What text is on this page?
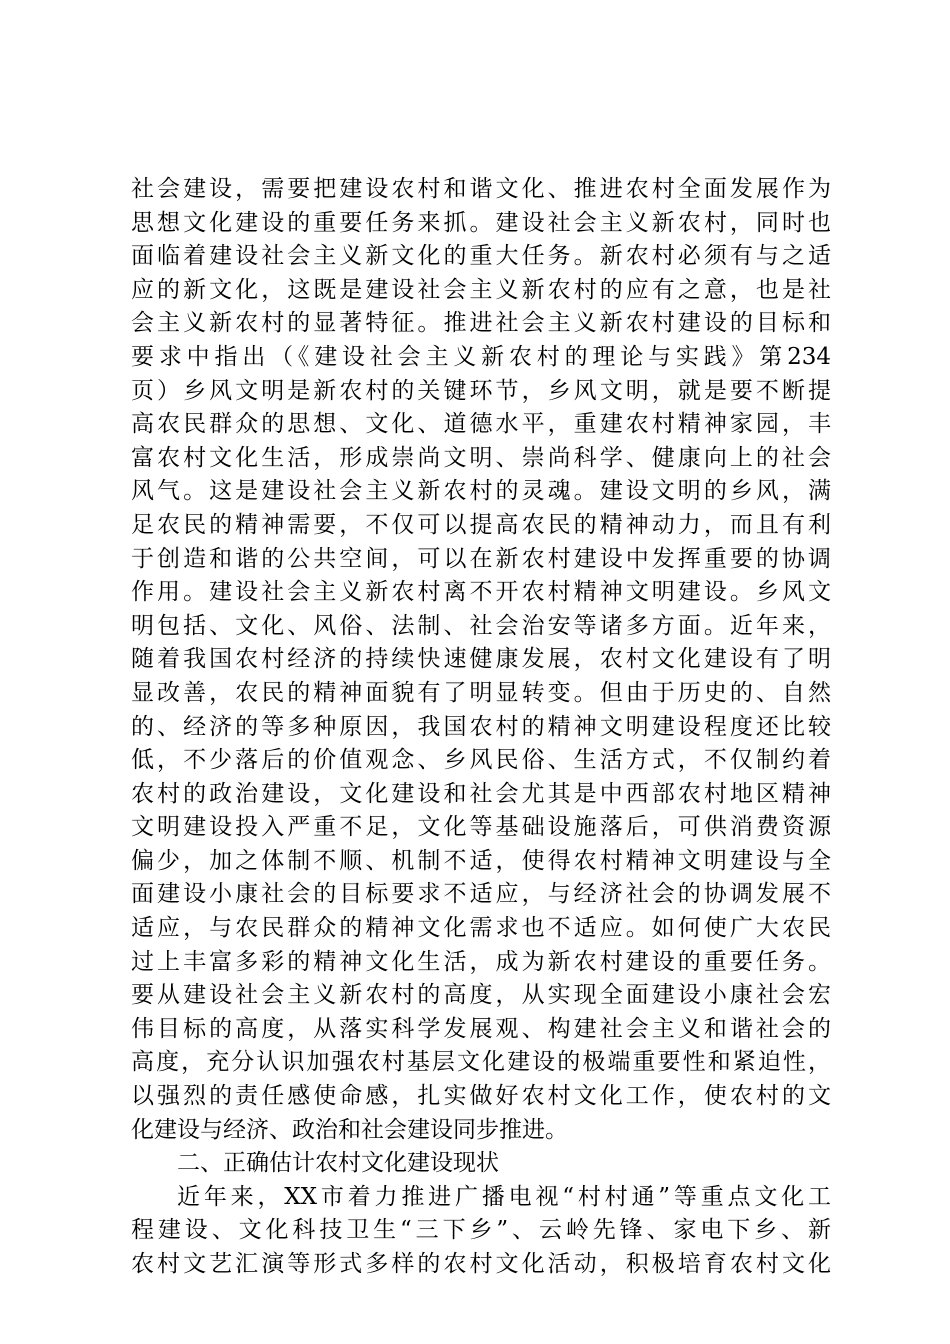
社会建设，需要把建设农村和谐文化、推进农村全面发展作为
思想文化建设的重要任务来抓。建设社会主义新农村，同时也
面临着建设社会主义新文化的重大任务。新农村必须有与之适
应的新文化，这既是建设社会主义新农村的应有之意，也是社
会主义新农村的显著特征。推进社会主义新农村建设的目标和
要求中指出（《建设社会主义新农村的理论与实践》第234
页）乡风文明是新农村的关键环节，乡风文明，就是要不断提
高农民群众的思想、文化、道德水平，重建农村精神家园，丰
富农村文化生活，形成崇尚文明、崇尚科学、健康向上的社会
风气。这是建设社会主义新农村的灵魂。建设文明的乡风，满
足农民的精神需要，不仅可以提高农民的精神动力，而且有利
于创造和谐的公共空间，可以在新农村建设中发挥重要的协调
作用。建设社会主义新农村离不开农村精神文明建设。乡风文
明包括、文化、风俗、法制、社会治安等诸多方面。近年来，
随着我国农村经济的持续快速健康发展，农村文化建设有了明
显改善，农民的精神面貌有了明显转变。但由于历史的、自然
的、经济的等多种原因，我国农村的精神文明建设程度还比较
低，不少落后的价值观念、乡风民俗、生活方式，不仅制约着
农村的政治建设，文化建设和社会尤其是中西部农村地区精神
文明建设投入严重不足，文化等基础设施落后，可供消费资源
偏少，加之体制不顺、机制不适，使得农村精神文明建设与全
面建设小康社会的目标要求不适应，与经济社会的协调发展不
适应，与农民群众的精神文化需求也不适应。如何使广大农民
过上丰富多彩的精神文化生活，成为新农村建设的重要任务。
要从建设社会主义新农村的高度，从实现全面建设小康社会宏
伟目标的高度，从落实科学发展观、构建社会主义和谐社会的
高度，充分认识加强农村基层文化建设的极端重要性和紧迫性，
以强烈的责任感使命感，扎实做好农村文化工作，使农村的文
化建设与经济、政治和社会建设同步推进。
二、正确估计农村文化建设现状
近年来，XX市着力推进广播电视“村村通”等重点文化工
程建设、文化科技卫生“三下乡”、云岭先锋、家电下乡、新
农村文艺汇演等形式多样的农村文化活动，积极培育农村文化
